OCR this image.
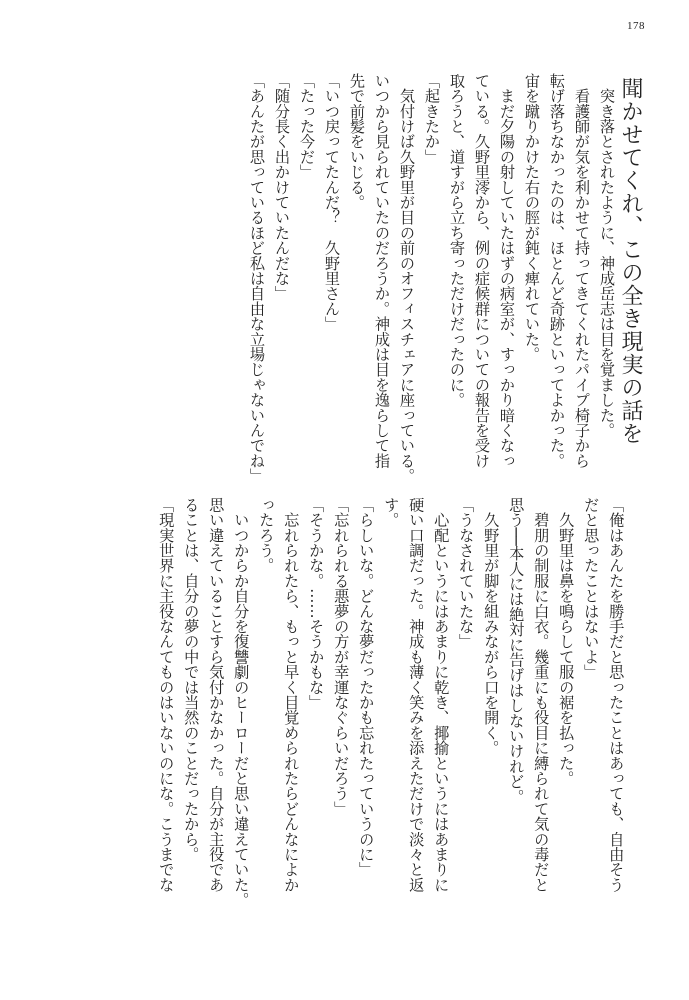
178
聞かせてくれ、この全き現実の話を
　突き落とされたように、神成岳志は目を覚ました。
　看護師が気を利かせて持ってきてくれたパイプ椅子から
転げ落ちなかったのは、ほとんど奇跡といってよかった。
宙を蹴りかけた右の脛が鈍く痺れていた。
　まだ夕陽の射していたはずの病室が、すっかり暗くなっ
ている。久野里澪から、例の症候群についての報告を受け
取ろうと、道すがら立ち寄っただけだったのに。
「起きたか」
　気付けば久野里が目の前のオフィスチェアに座っている。
いつから見られていたのだろうか。神成は目を逸らして指
先で前髪をいじる。
「いつ戻ってたんだ？　久野里さん」
「たった今だ」
「随分長く出かけていたんだな」
「あんたが思っているほど私は自由な立場じゃないんでね」
「俺はあんたを勝手だと思ったことはあっても、自由そう
だと思ったことはないよ」
　久野里は鼻を鳴らして服の裾を払った。
　碧朋の制服に白衣。幾重にも役目に縛られて気の毒だと
思う──本人には絶対に告げはしないけれど。
　久野里が脚を組みながら口を開く。
「うなされていたな」
　心配というにはあまりに乾き、揶揄というにはあまりに
硬い口調だった。神成も薄く笑みを添えただけで淡々と返
す。
「らしいな。どんな夢だったかも忘れたっていうのに」
「忘れられる悪夢の方が幸運なぐらいだろう」
「そうかな。……そうかもな」
　忘れられたら、もっと早く目覚められたらどんなによか
ったろう。
　いつからか自分を復讐劇のヒーローだと思い違えていた。
思い違えていることすら気付かなかった。自分が主役であ
ることは、自分の夢の中では当然のことだったから。
「現実世界に主役なんてものはいないのにな。こうまでな
